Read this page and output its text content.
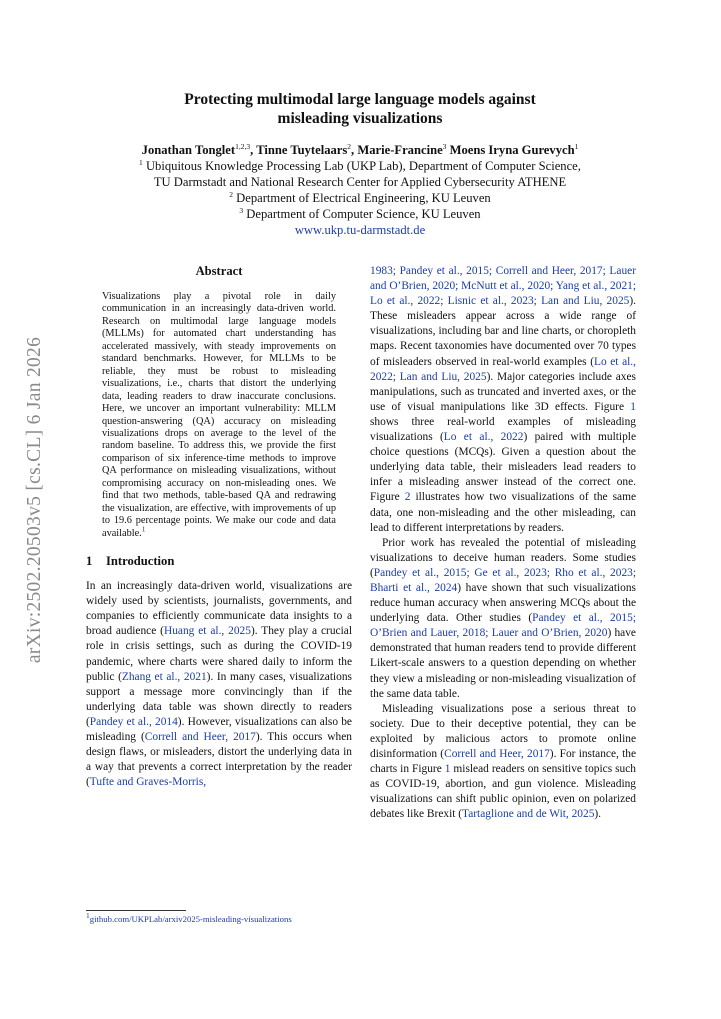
arXiv:2502.20503v5 [cs.CL] 6 Jan 2026

Protecting multimodal large language models against
misleading visualizations

Jonathan Tonglet$^{1,2,3}$, Tinne Tuytelaars$^2$, Marie-Francine$^3$ Moens Iryna Gurevych$^1$
$^1$ Ubiquitous Knowledge Processing Lab (UKP Lab), Department of Computer Science,
TU Darmstadt and National Research Center for Applied Cybersecurity ATHENE
$^2$ Department of Electrical Engineering, KU Leuven
$^3$ Department of Computer Science, KU Leuven
www.ukp.tu-darmstadt.de

Abstract

Visualizations play a pivotal role in daily communication in an increasingly data-driven world. Research on multimodal large language models (MLLMs) for automated chart understanding has accelerated massively, with steady improvements on standard benchmarks. However, for MLLMs to be reliable, they must be robust to misleading visualizations, i.e., charts that distort the underlying data, leading readers to draw inaccurate conclusions. Here, we uncover an important vulnerability: MLLM question-answering (QA) accuracy on misleading visualizations drops on average to the level of the random baseline. To address this, we provide the first comparison of six inference-time methods to improve QA performance on misleading visualizations, without compromising accuracy on non-misleading ones. We find that two methods, table-based QA and redrawing the visualization, are effective, with improvements of up to 19.6 percentage points. We make our code and data available.$^1$

1 Introduction

In an increasingly data-driven world, visualizations are widely used by scientists, journalists, governments, and companies to efficiently communicate data insights to a broad audience (Huang et al., 2025). They play a crucial role in crisis settings, such as during the COVID-19 pandemic, where charts were shared daily to inform the public (Zhang et al., 2021). In many cases, visualizations support a message more convincingly than if the underlying data table was shown directly to readers (Pandey et al., 2014). However, visualizations can also be misleading (Correll and Heer, 2017). This occurs when design flaws, or misleaders, distort the underlying data in a way that prevents a correct interpretation by the reader (Tufte and Graves-Morris,

$^1$github.com/UKPLab/arxiv2025-misleading-visualizations

1983; Pandey et al., 2015; Correll and Heer, 2017; Lauer and O’Brien, 2020; McNutt et al., 2020; Yang et al., 2021; Lo et al., 2022; Lisnic et al., 2023; Lan and Liu, 2025). These misleaders appear across a wide range of visualizations, including bar and line charts, or choropleth maps. Recent taxonomies have documented over 70 types of misleaders observed in real-world examples (Lo et al., 2022; Lan and Liu, 2025). Major categories include axes manipulations, such as truncated and inverted axes, or the use of visual manipulations like 3D effects. Figure 1 shows three real-world examples of misleading visualizations (Lo et al., 2022) paired with multiple choice questions (MCQs). Given a question about the underlying data table, their misleaders lead readers to infer a misleading answer instead of the correct one. Figure 2 illustrates how two visualizations of the same data, one non-misleading and the other misleading, can lead to different interpretations by readers.

Prior work has revealed the potential of misleading visualizations to deceive human readers. Some studies (Pandey et al., 2015; Ge et al., 2023; Rho et al., 2023; Bharti et al., 2024) have shown that such visualizations reduce human accuracy when answering MCQs about the underlying data. Other studies (Pandey et al., 2015; O’Brien and Lauer, 2018; Lauer and O’Brien, 2020) have demonstrated that human readers tend to provide different Likert-scale answers to a question depending on whether they view a misleading or non-misleading visualization of the same data table.

Misleading visualizations pose a serious threat to society. Due to their deceptive potential, they can be exploited by malicious actors to promote online disinformation (Correll and Heer, 2017). For instance, the charts in Figure 1 mislead readers on sensitive topics such as COVID-19, abortion, and gun violence. Misleading visualizations can shift public opinion, even on polarized debates like Brexit (Tartaglione and de Wit, 2025).
